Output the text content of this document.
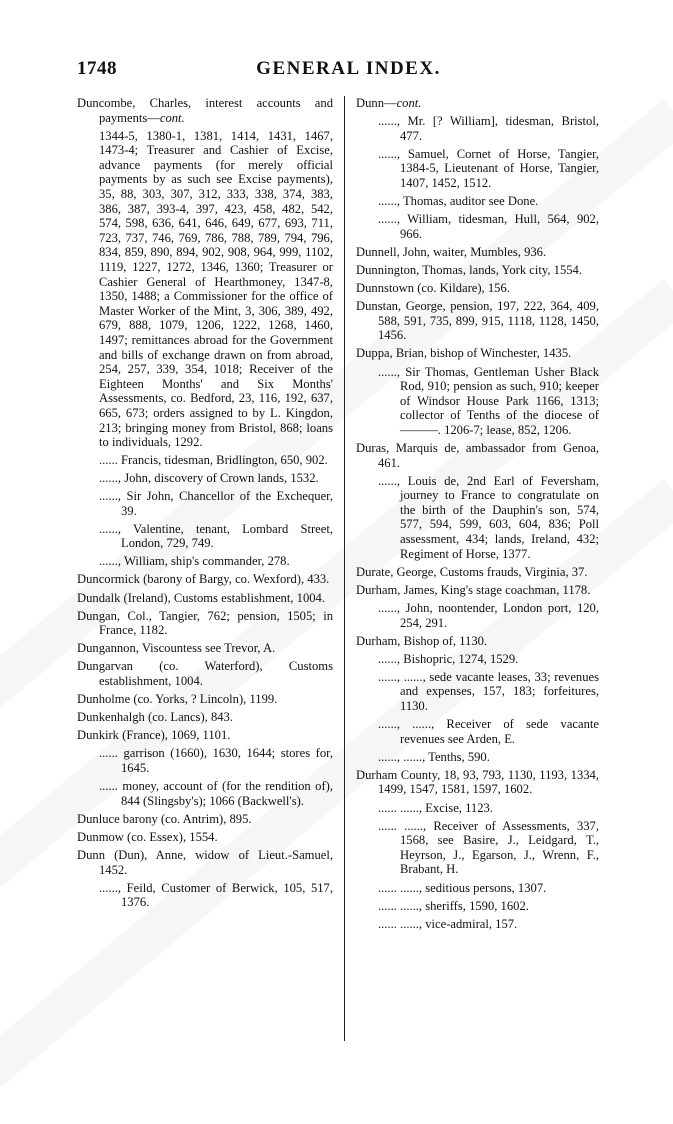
1748	GENERAL INDEX.
Duncombe, Charles, interest accounts and payments—cont.
1344-5, 1380-1, 1381, 1414, 1431, 1467, 1473-4; Treasurer and Cashier of Excise, advance payments (for merely official payments by as such see Excise payments), 35, 88, 303, 307, 312, 333, 338, 374, 383, 386, 387, 393-4, 397, 423, 458, 482, 542, 574, 598, 636, 641, 646, 649, 677, 693, 711, 723, 737, 746, 769, 786, 788, 789, 794, 796, 834, 859, 890, 894, 902, 908, 964, 999, 1102, 1119, 1227, 1272, 1346, 1360; Treasurer or Cashier General of Hearthmoney, 1347-8, 1350, 1488; a Commissioner for the office of Master Worker of the Mint, 3, 306, 389, 492, 679, 888, 1079, 1206, 1222, 1268, 1460, 1497; remittances abroad for the Government and bills of exchange drawn on from abroad, 254, 257, 339, 354, 1018; Receiver of the Eighteen Months' and Six Months' Assessments, co. Bedford, 23, 116, 192, 637, 665, 673; orders assigned to by L. Kingdon, 213; bringing money from Bristol, 868; loans to individuals, 1292.
...... Francis, tidesman, Bridlington, 650, 902.
......, John, discovery of Crown lands, 1532.
......, Sir John, Chancellor of the Exchequer, 39.
......, Valentine, tenant, Lombard Street, London, 729, 749.
......, William, ship's commander, 278.
Duncormick (barony of Bargy, co. Wexford), 433.
Dundalk (Ireland), Customs establishment, 1004.
Dungan, Col., Tangier, 762; pension, 1505; in France, 1182.
Dungannon, Viscountess see Trevor, A.
Dungarvan (co. Waterford), Customs establishment, 1004.
Dunholme (co. Yorks, ? Lincoln), 1199.
Dunkenhalgh (co. Lancs), 843.
Dunkirk (France), 1069, 1101.
...... garrison (1660), 1630, 1644; stores for, 1645.
...... money, account of (for the rendition of), 844 (Slingsby's); 1066 (Backwell's).
Dunluce barony (co. Antrim), 895.
Dunmow (co. Essex), 1554.
Dunn (Dun), Anne, widow of Lieut.-Samuel, 1452.
......, Feild, Customer of Berwick, 105, 517, 1376.
Dunn—cont.
......, Mr. [? William], tidesman, Bristol, 477.
......, Samuel, Cornet of Horse, Tangier, 1384-5, Lieutenant of Horse, Tangier, 1407, 1452, 1512.
......, Thomas, auditor see Done.
......, William, tidesman, Hull, 564, 902, 966.
Dunnell, John, waiter, Mumbles, 936.
Dunnington, Thomas, lands, York city, 1554.
Dunnstown (co. Kildare), 156.
Dunstan, George, pension, 197, 222, 364, 409, 588, 591, 735, 899, 915, 1118, 1128, 1450, 1456.
Duppa, Brian, bishop of Winchester, 1435.
......, Sir Thomas, Gentleman Usher Black Rod, 910; pension as such, 910; keeper of Windsor House Park 1166, 1313; collector of Tenths of the diocese of ———. 1206-7; lease, 852, 1206.
Duras, Marquis de, ambassador from Genoa, 461.
......, Louis de, 2nd Earl of Feversham, journey to France to congratulate on the birth of the Dauphin's son, 574, 577, 594, 599, 603, 604, 836; Poll assessment, 434; lands, Ireland, 432; Regiment of Horse, 1377.
Durate, George, Customs frauds, Virginia, 37.
Durham, James, King's stage coachman, 1178.
......, John, noontender, London port, 120, 254, 291.
Durham, Bishop of, 1130.
......, Bishopric, 1274, 1529.
......, ......, sede vacante leases, 33; revenues and expenses, 157, 183; forfeitures, 1130.
......, ......, Receiver of sede vacante revenues see Arden, E.
......, ......, Tenths, 590.
Durham County, 18, 93, 793, 1130, 1193, 1334, 1499, 1547, 1581, 1597, 1602.
...... ......, Excise, 1123.
...... ......, Receiver of Assessments, 337, 1568, see Basire, J., Leidgard, T., Heyrson, J., Egarson, J., Wrenn, F., Brabant, H.
...... ......, seditious persons, 1307.
...... ......, sheriffs, 1590, 1602.
...... ......, vice-admiral, 157.
